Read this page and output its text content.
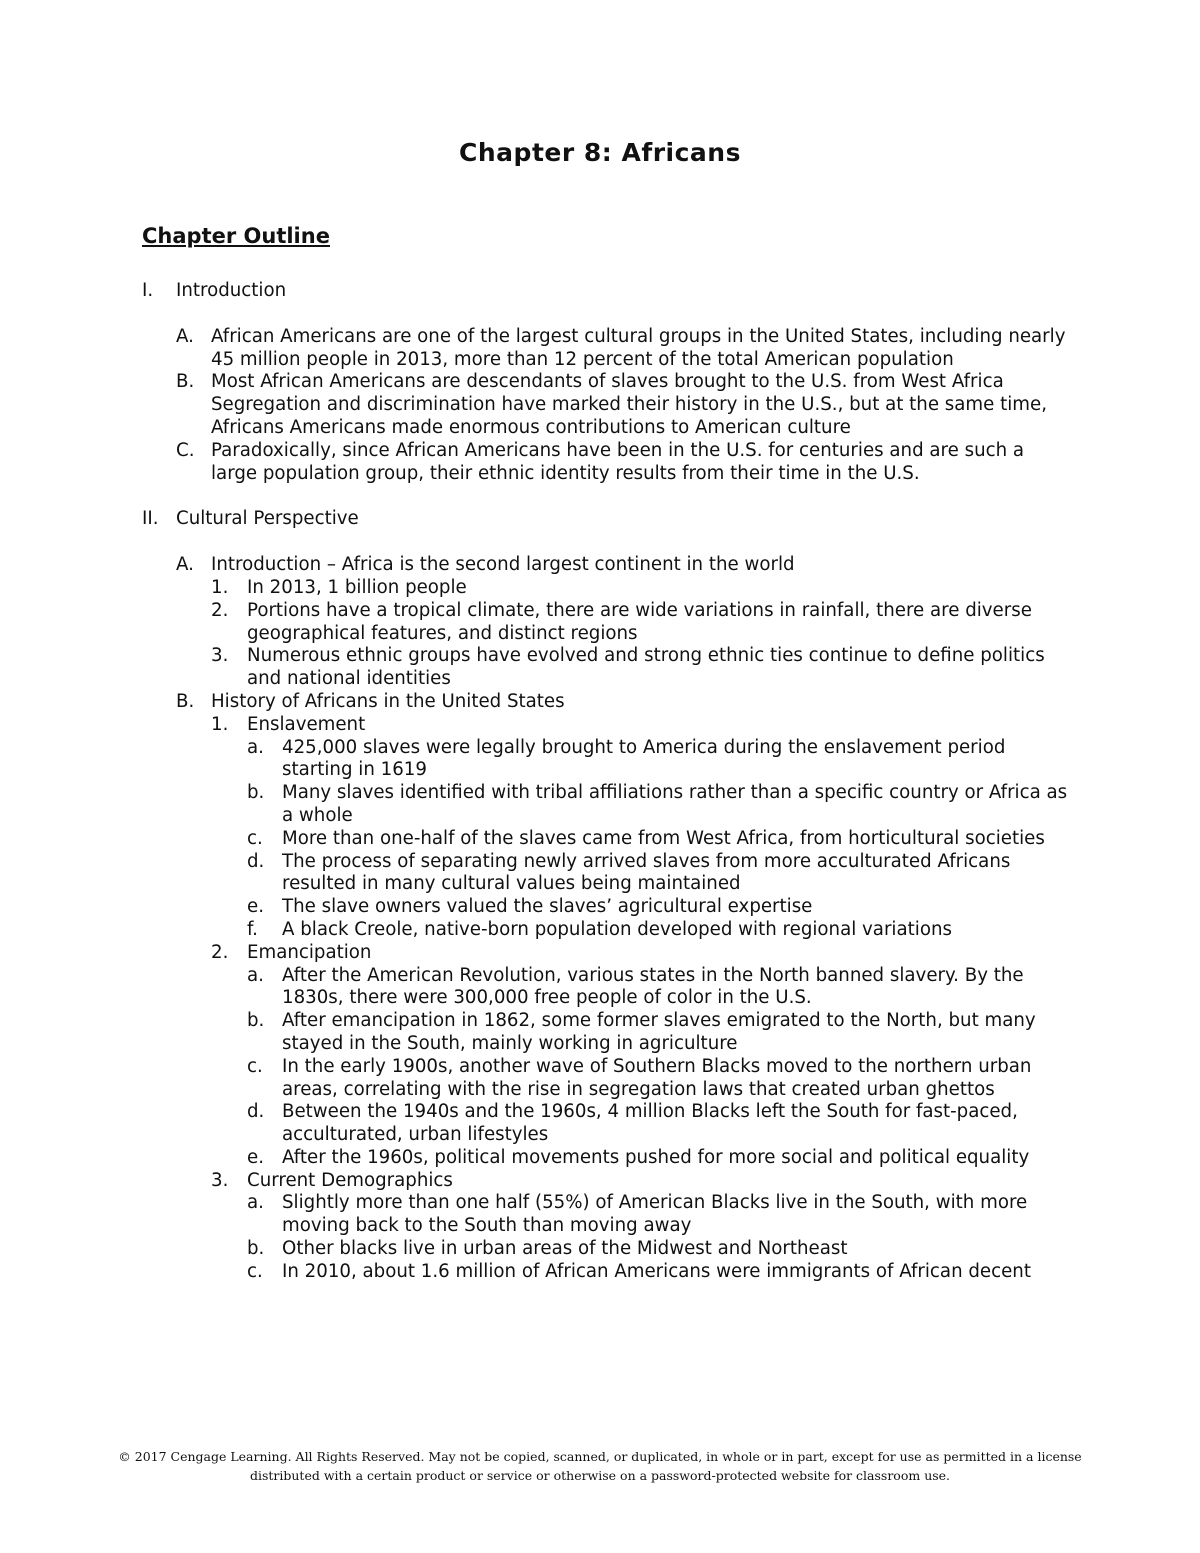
Chapter 8: Africans
Chapter Outline
I. Introduction
A. African Americans are one of the largest cultural groups in the United States, including nearly 45 million people in 2013, more than 12 percent of the total American population
B. Most African Americans are descendants of slaves brought to the U.S. from West Africa Segregation and discrimination have marked their history in the U.S., but at the same time, Africans Americans made enormous contributions to American culture
C. Paradoxically, since African Americans have been in the U.S. for centuries and are such a large population group, their ethnic identity results from their time in the U.S.
II. Cultural Perspective
A. Introduction – Africa is the second largest continent in the world
1. In 2013, 1 billion people
2. Portions have a tropical climate, there are wide variations in rainfall, there are diverse geographical features, and distinct regions
3. Numerous ethnic groups have evolved and strong ethnic ties continue to define politics and national identities
B. History of Africans in the United States
1. Enslavement
a. 425,000 slaves were legally brought to America during the enslavement period starting in 1619
b. Many slaves identified with tribal affiliations rather than a specific country or Africa as a whole
c. More than one-half of the slaves came from West Africa, from horticultural societies
d. The process of separating newly arrived slaves from more acculturated Africans resulted in many cultural values being maintained
e. The slave owners valued the slaves’ agricultural expertise
f. A black Creole, native-born population developed with regional variations
2. Emancipation
a. After the American Revolution, various states in the North banned slavery. By the 1830s, there were 300,000 free people of color in the U.S.
b. After emancipation in 1862, some former slaves emigrated to the North, but many stayed in the South, mainly working in agriculture
c. In the early 1900s, another wave of Southern Blacks moved to the northern urban areas, correlating with the rise in segregation laws that created urban ghettos
d. Between the 1940s and the 1960s, 4 million Blacks left the South for fast-paced, acculturated, urban lifestyles
e. After the 1960s, political movements pushed for more social and political equality
3. Current Demographics
a. Slightly more than one half (55%) of American Blacks live in the South, with more moving back to the South than moving away
b. Other blacks live in urban areas of the Midwest and Northeast
c. In 2010, about 1.6 million of African Americans were immigrants of African decent
© 2017 Cengage Learning. All Rights Reserved. May not be copied, scanned, or duplicated, in whole or in part, except for use as permitted in a license distributed with a certain product or service or otherwise on a password-protected website for classroom use.
